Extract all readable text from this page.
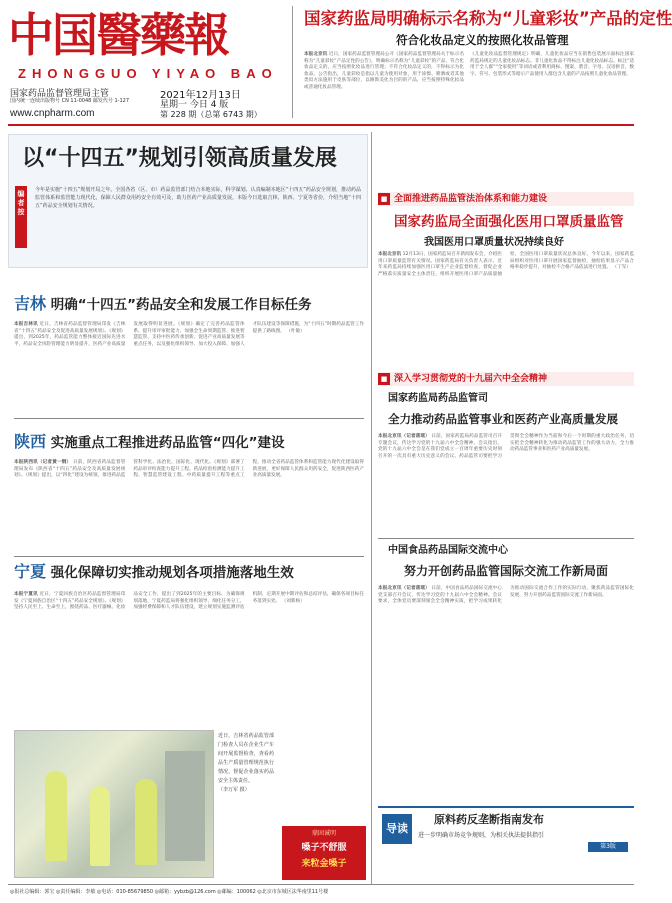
中国醫藥報
ZHONGGUO YIYAO BAO
国家药品监督管理局主管
国内统一连续出版物号 CN 11-0048 邮发代号 1-127
www.cnpharm.com
2021年12月13日
星期一 今日 4 版
第 228 期（总第 6743 期）
国家药监局明确标示名称为“儿童彩妆”产品的定性
符合化妆品定义的按照化妆品管理
本报北京讯 近日，国家药品监督管理局公开《国家药品监督管理局关于标示名称为“儿童彩妆”产品定性的公告》，明确标示名称为“儿童彩妆”的产品，符合化妆品定义的，应当按照化妆品进行管理；不符合化妆品定义的，不得标示为化妆品。公告指出，儿童彩妆是指以儿童为使用对象，用于涂擦、喷洒或者其他类似方法施用于皮肤等部位，以修饰美化为目的的产品，应当按照特殊化妆品或普通化妆品管理。
《儿童化妆品监督管理规定》明确，儿童化妆品应当在销售包装展示面标注国家药监局规定的儿童化妆品标志。非儿童化妆品不得标注儿童化妆品标志。标注“适用于全人群”“全家使用”等词语或者利用商标、图案、谐音、字母、汉语拼音、数字、符号、包装形式等暗示产品使用人群包含儿童的产品按照儿童化妆品管理。
以“十四五”规划引领高质量发展
编者按
今年是实施“十四五”规划开局之年。全国各省（区、市）药品监管部门结合本地实际，科学谋划、认真编制本地区“十四五”药品安全规划，推动药品监管体系和监管能力现代化，保障人民群众用药安全有效可及，助力医药产业高质量发展。本版今日选取吉林、陕西、宁夏等省份，介绍当地“十四五”药品安全规划有关情况。
吉林 明确“十四五”药品安全和发展工作目标任务
本报吉林讯 近日，吉林省药品监督管理局印发《吉林省“十四五”药品安全及促进高质量发展规划》。《规划》提出，到2025年，药品监管能力整体接近国际先进水平，药品安全风险管理能力明显提升，医药产业高质量发展取得明显进展。《规划》确定了完善药品监管体系、提升审评审批能力、加强全生命周期监管、推进智慧监管、支持中医药传承创新、促进产业高质量发展等重点任务，以及强化组织领导、加大投入保障、加强人才队伍建设等保障措施，为“十四五”时期药品监管工作提供了路线图。 （叶敏）
陕西 实施重点工程推进药品监管“四化”建设
本报陕西讯（记者黄一钢） 日前，陕西省药品监督管理局发布《陕西省“十四五”药品安全及高质量发展规划》。《规划》提出，以“四化”建设为统领，推进药品监管科学化、法治化、国际化、现代化。《规划》部署了药品审评检查能力提升工程、药品检验检测能力提升工程、智慧监管建设工程、中药质量提升工程等重点工程，推动全省药品监管体系和监管能力现代化建设取得新进展，更好保障人民群众用药安全，促进陕西医药产业高质量发展。
宁夏 强化保障切实推动规划各项措施落地生效
本报宁夏讯 近日，宁夏回族自治区药品监督管理局印发《宁夏回族自治区“十四五”药品安全规划》。《规划》坚持人民至上、生命至上，围绕药品、医疗器械、化妆品安全工作，提出了到2025年的主要目标。为确保规划落地，宁夏药监局将强化组织领导，细化任务分工，加强经费保障和人才队伍建设，建立规划实施监测评估机制，定期开展中期评估和总结评估，确保各项目标任务落到实处。 （刘新杨）
近日，吉林省药品监管部门检查人员在企业生产车间开展监督检查，查看药品生产质量管理规范执行情况，督促企业落实药品安全主体责任。
（李万军 摄）
鼎固诚明
嗓子不舒服
来粒金嗓子
■ 全面推进药品监管法治体系和能力建设
国家药监局全面强化医用口罩质量监管
我国医用口罩质量状况持续良好
本报北京讯 12月13日，国家药监局召开新闻发布会，介绍医用口罩质量监管有关情况。国家药监局有关负责人表示，近年来药监局持续加强医用口罩生产企业监督检查，督促企业严格落实质量安全主体责任，组织开展医用口罩产品质量抽检，全国医用口罩质量状况总体良好。今年以来，国家药监局组织对医用口罩开展国家监督抽检，抽检结果显示产品合格率稳步提升，对抽检不合格产品依法进行处置。 （丁军）
■ 深入学习贯彻党的十九届六中全会精神
国家药监局药品监管司
全力推动药品监管事业和医药产业高质量发展
本报北京讯（记者落瑶） 日前，国家药监局药品监管司召开专题会议，传达学习党的十九届六中全会精神。会议指出，党的十九届六中全会是在我们党成立一百周年重要历史时刻召开的一次具有重大历史意义的会议。药品监管司要把学习贯彻全会精神作为当前和今后一个时期的重大政治任务，切实把全会精神转化为推动药品监管工作的强大动力，全力推动药品监管事业和医药产业高质量发展。
中国食品药品国际交流中心
努力开创药品监管国际交流工作新局面
本报北京讯（记者落瑶） 日前，中国食品药品国际交流中心党支部召开会议，传达学习党的十九届六中全会精神。会议要求，全体党员要深刻领会全会精神实质，把学习成果转化为推动国际交流合作工作的实际行动，聚焦药品监管国际化发展，努力开创药品监管国际交流工作新局面。
导读
原料药反垄断指南发布
进一步明确市场竞争规则，为相关执法提供指引
第3版
◎报社总编辑：郭宝 ◎责任编辑：李敏 ◎电话：010-85679850 ◎邮箱：yybzb@126.com ◎邮编：100062 ◎北京市东城区法华南里11号楼
